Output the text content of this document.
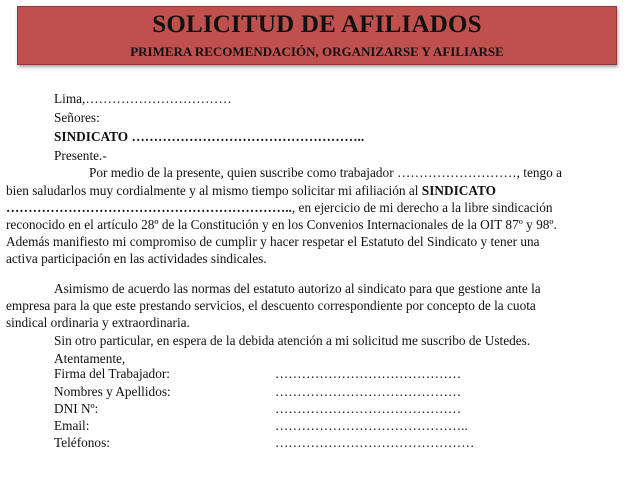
SOLICITUD DE AFILIADOS
PRIMERA RECOMENDACIÓN, ORGANIZARSE Y AFILIARSE
Lima,……………………………
Señores:
SINDICATO ……………………………………………..
Presente.-
Por medio de la presente, quien suscribe como trabajador ………………………, tengo a
bien saludarlos muy cordialmente y al mismo tiempo solicitar mi afiliación al SINDICATO
……………………………………………………….., en ejercicio de mi derecho a la libre sindicación
reconocido en el artículo 28º de la Constitución y en los Convenios Internacionales de la OIT 87º y 98º.
Además manifiesto mi compromiso de cumplir y hacer respetar el Estatuto del Sindicato y tener una
activa participación en las actividades sindicales.
Asimismo de acuerdo las normas del estatuto autorizo al sindicato para que gestione ante la
empresa para la que este prestando servicios, el descuento correspondiente por concepto de la cuota
sindical ordinaria y extraordinaria.
Sin otro particular, en espera de la debida atención a mi solicitud me suscribo de Ustedes.
Atentamente,
Firma del Trabajador:	……………………………………
Nombres y Apellidos:	……………………………………
DNI Nº:	……………………………………
Email:	……………………………………..
Teléfonos:	………………………………………
